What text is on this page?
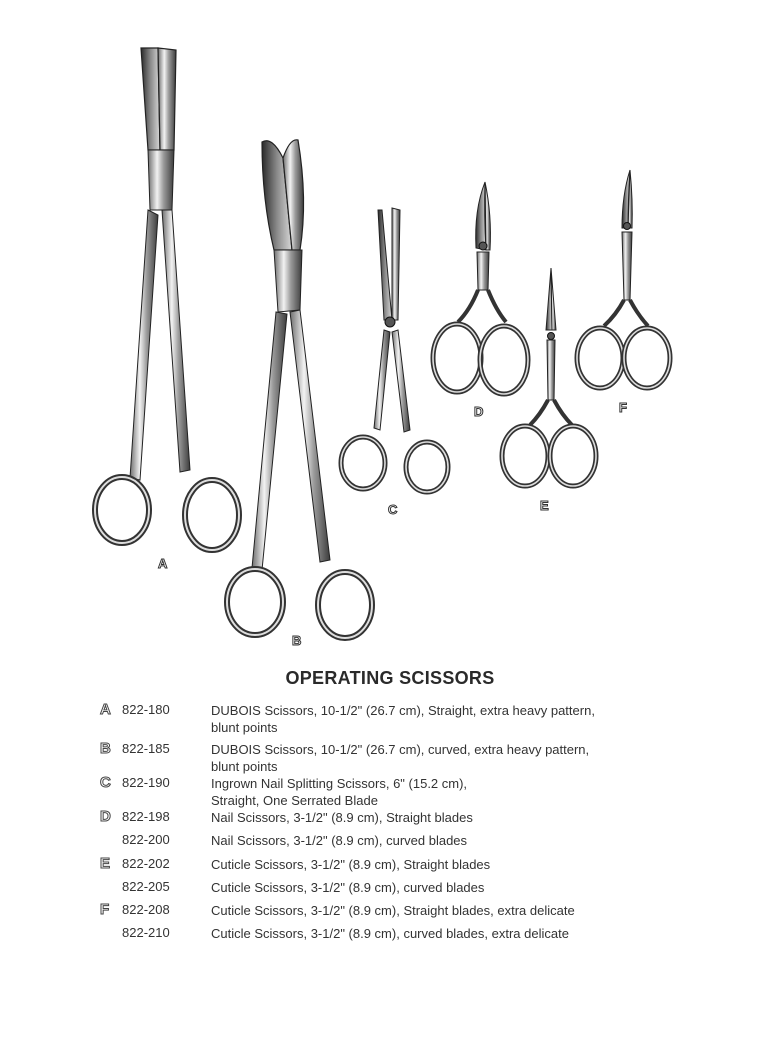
A
B
C
D
E
F
OPERATING SCISSORS
A 822-180	DUBOIS Scissors, 10-1/2" (26.7 cm), Straight, extra heavy pattern,
blunt points
B 822-185	DUBOIS Scissors, 10-1/2" (26.7 cm), curved, extra heavy pattern,
blunt points
C 822-190	Ingrown Nail Splitting Scissors, 6" (15.2 cm),
Straight, One Serrated Blade
D 822-198	Nail Scissors, 3-1/2" (8.9 cm), Straight blades
822-200	Nail Scissors, 3-1/2" (8.9 cm), curved blades
E 822-202	Cuticle Scissors, 3-1/2" (8.9 cm), Straight blades
822-205	Cuticle Scissors, 3-1/2" (8.9 cm), curved blades
F 822-208	Cuticle Scissors, 3-1/2" (8.9 cm), Straight blades, extra delicate
822-210	Cuticle Scissors, 3-1/2" (8.9 cm), curved blades, extra delicate
